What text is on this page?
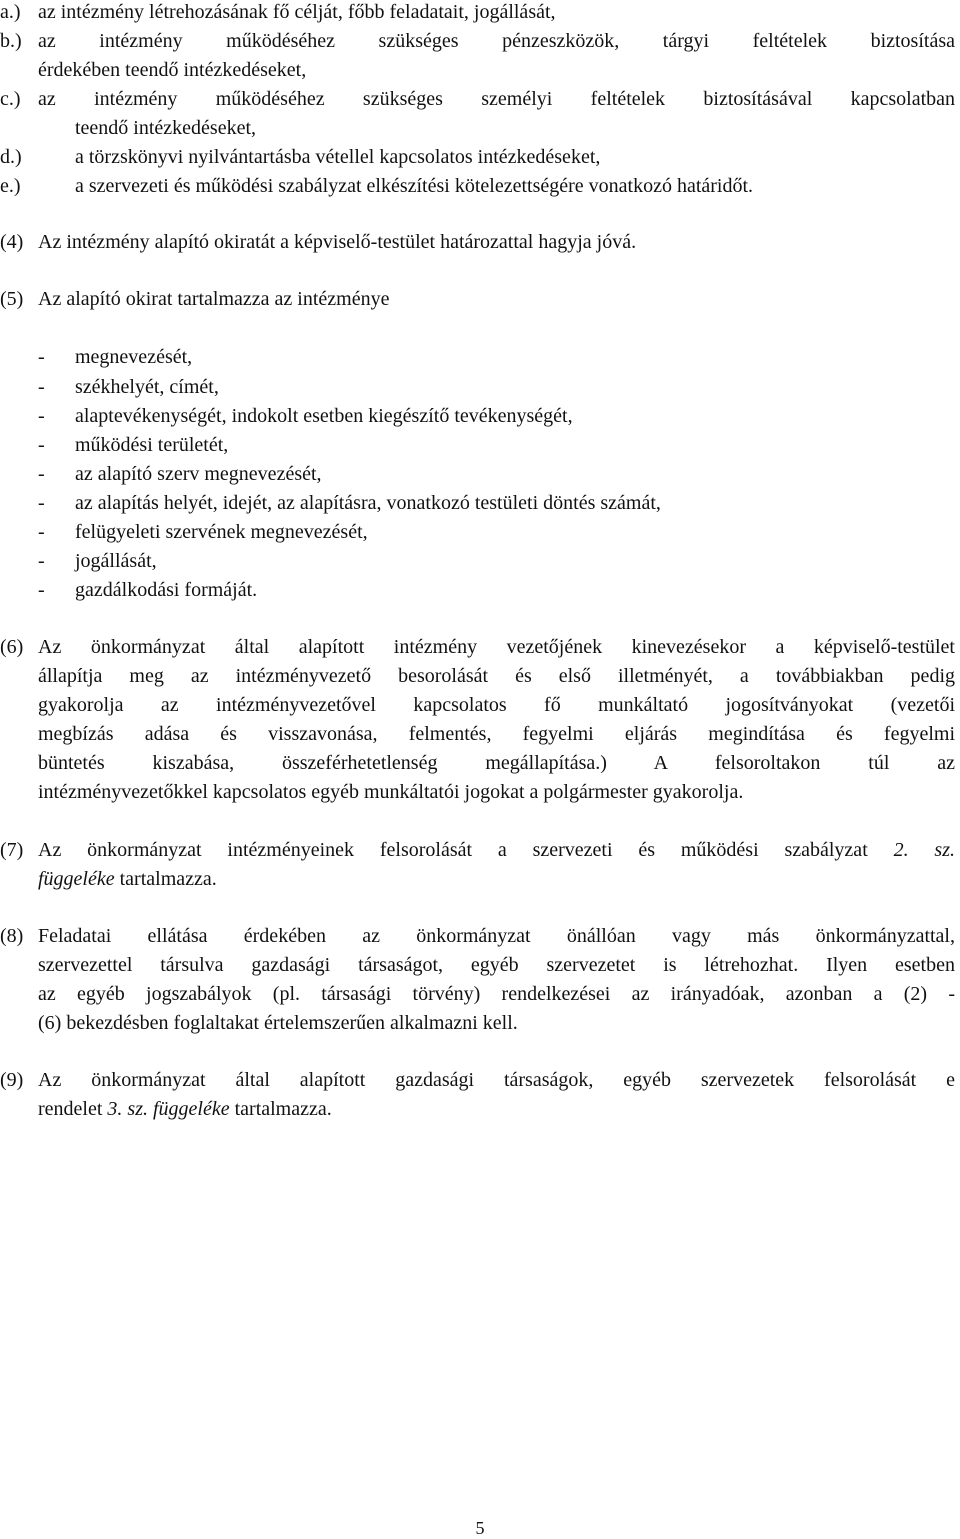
a.) az intézmény létrehozásának fő célját, főbb feladatait, jogállását,
b.) az intézmény működéséhez szükséges pénzeszközök, tárgyi feltételek biztosítása
érdekében teendő intézkedéseket,
c.) az intézmény működéséhez szükséges személyi feltételek biztosításával kapcsolatban
teendő intézkedéseket,
d.)	a törzskönyvi nyilvántartásba vétellel kapcsolatos intézkedéseket,
e.)	a szervezeti és működési szabályzat elkészítési kötelezettségére vonatkozó határidőt.
(4) Az intézmény alapító okiratát a képviselő-testület határozattal hagyja jóvá.
(5) Az alapító okirat tartalmazza az intézménye
- megnevezését,
- székhelyét, címét,
- alaptevékenységét, indokolt esetben kiegészítő tevékenységét,
- működési területét,
- az alapító szerv megnevezését,
- az alapítás helyét, idejét, az alapításra, vonatkozó testületi döntés számát,
- felügyeleti szervének megnevezését,
- jogállását,
- gazdálkodási formáját.
(6) Az önkormányzat által alapított intézmény vezetőjének kinevezésekor a képviselő-testület
állapítja meg az intézményvezető besorolását és első illetményét, a továbbiakban pedig
gyakorolja az intézményvezetővel kapcsolatos fő munkáltató jogosítványokat (vezetői
megbízás adása és visszavonása, felmentés, fegyelmi eljárás megindítása és fegyelmi
büntetés kiszabása, összeférhetetlenség megállapítása.) A felsoroltakon túl az
intézményvezetőkkel kapcsolatos egyéb munkáltatói jogokat a polgármester gyakorolja.
(7) Az önkormányzat intézményeinek felsorolását a szervezeti és működési szabályzat 2. sz.
függeléke tartalmazza.
(8) Feladatai ellátása érdekében az önkormányzat önállóan vagy más önkormányzattal,
szervezettel társulva gazdasági társaságot, egyéb szervezetet is létrehozhat. Ilyen esetben
az egyéb jogszabályok (pl. társasági törvény) rendelkezései az irányadóak, azonban a (2) -
(6) bekezdésben foglaltakat értelemszerűen alkalmazni kell.
(9) Az önkormányzat által alapított gazdasági társaságok, egyéb szervezetek felsorolását e
rendelet 3. sz. függeléke tartalmazza.
5
